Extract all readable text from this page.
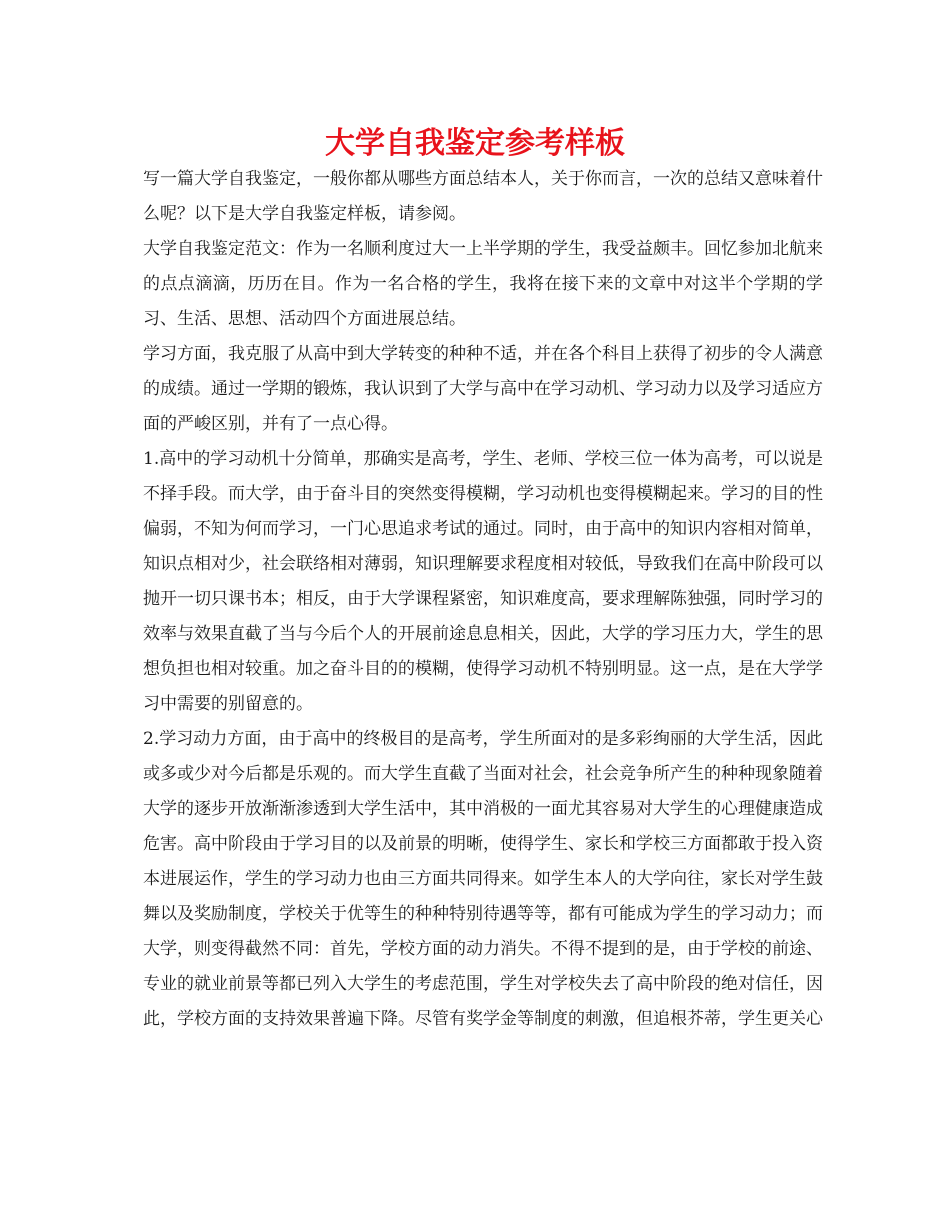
大学自我鉴定参考样板

写一篇大学自我鉴定，一般你都从哪些方面总结本人，关于你而言，一次的总结又意味着什么呢？以下是大学自我鉴定样板，请参阅。

大学自我鉴定范文：作为一名顺利度过大一上半学期的学生，我受益颇丰。回忆参加北航来的点点滴滴，历历在目。作为一名合格的学生，我将在接下来的文章中对这半个学期的学习、生活、思想、活动四个方面进展总结。

学习方面，我克服了从高中到大学转变的种种不适，并在各个科目上获得了初步的令人满意的成绩。通过一学期的锻炼，我认识到了大学与高中在学习动机、学习动力以及学习适应方面的严峻区别，并有了一点心得。

1.高中的学习动机十分简单，那确实是高考，学生、老师、学校三位一体为高考，可以说是不择手段。而大学，由于奋斗目的突然变得模糊，学习动机也变得模糊起来。学习的目的性偏弱，不知为何而学习，一门心思追求考试的通过。同时，由于高中的知识内容相对简单，知识点相对少，社会联络相对薄弱，知识理解要求程度相对较低，导致我们在高中阶段可以抛开一切只课书本；相反，由于大学课程紧密，知识难度高，要求理解陈独强，同时学习的效率与效果直截了当与今后个人的开展前途息息相关，因此，大学的学习压力大，学生的思想负担也相对较重。加之奋斗目的的模糊，使得学习动机不特别明显。这一点，是在大学学习中需要的别留意的。

2.学习动力方面，由于高中的终极目的是高考，学生所面对的是多彩绚丽的大学生活，因此或多或少对今后都是乐观的。而大学生直截了当面对社会，社会竞争所产生的种种现象随着大学的逐步开放渐渐渗透到大学生活中，其中消极的一面尤其容易对大学生的心理健康造成危害。高中阶段由于学习目的以及前景的明晰，使得学生、家长和学校三方面都敢于投入资本进展运作，学生的学习动力也由三方面共同得来。如学生本人的大学向往，家长对学生鼓舞以及奖励制度，学校关于优等生的种种特别待遇等等，都有可能成为学生的学习动力；而大学，则变得截然不同：首先，学校方面的动力消失。不得不提到的是，由于学校的前途、专业的就业前景等都已列入大学生的考虑范围，学生对学校失去了高中阶段的绝对信任，因此，学校方面的支持效果普遍下降。尽管有奖学金等制度的刺激，但追根芥蒂，学生更关心
